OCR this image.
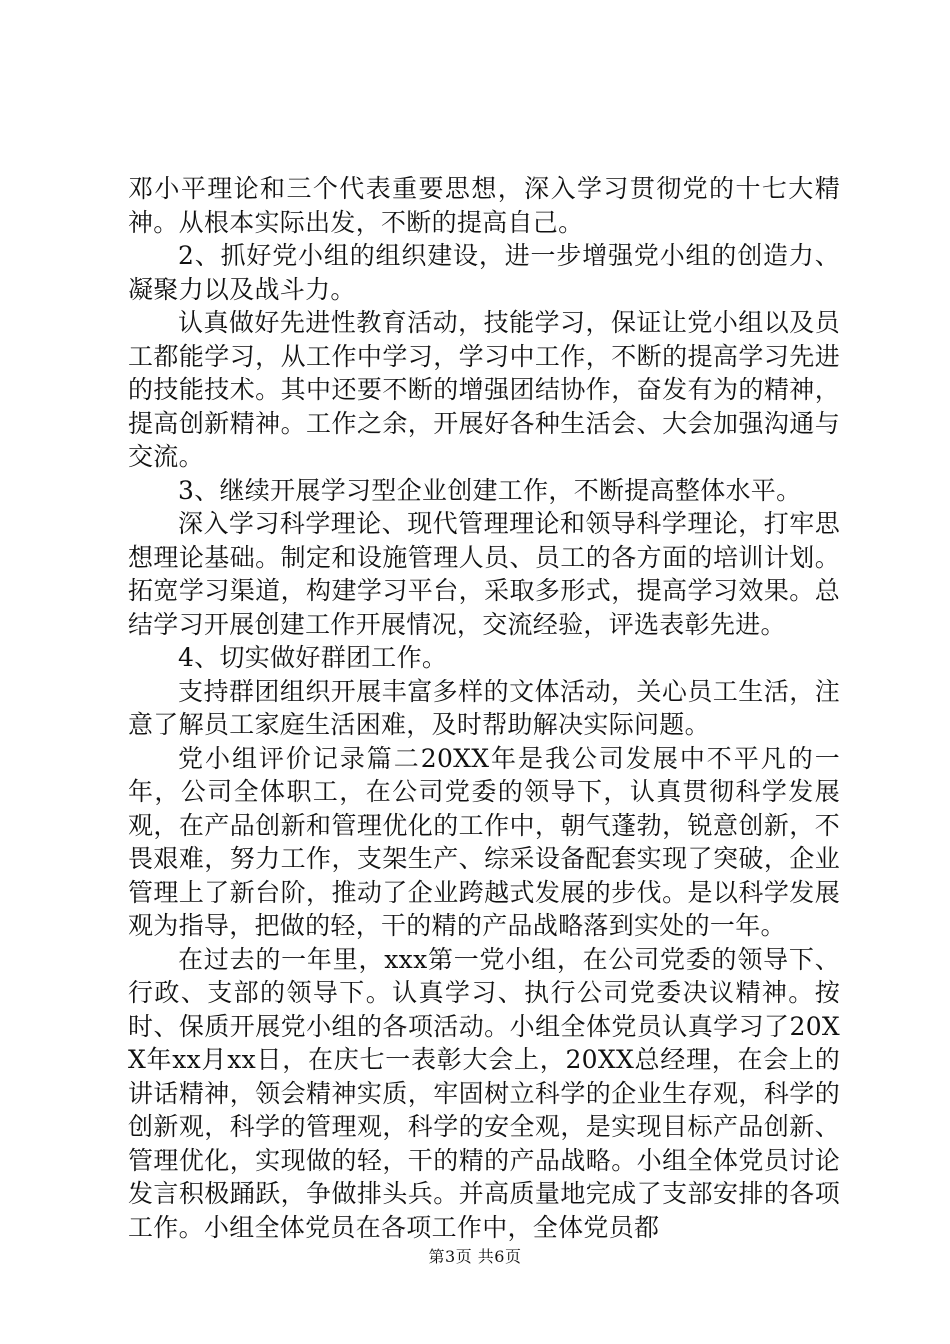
邓小平理论和三个代表重要思想，深入学习贯彻党的十七大精神。从根本实际出发，不断的提高自己。

2、抓好党小组的组织建设，进一步增强党小组的创造力、凝聚力以及战斗力。

认真做好先进性教育活动，技能学习，保证让党小组以及员工都能学习，从工作中学习，学习中工作，不断的提高学习先进的技能技术。其中还要不断的增强团结协作，奋发有为的精神，提高创新精神。工作之余，开展好各种生活会、大会加强沟通与交流。

3、继续开展学习型企业创建工作，不断提高整体水平。

深入学习科学理论、现代管理理论和领导科学理论，打牢思想理论基础。制定和设施管理人员、员工的各方面的培训计划。拓宽学习渠道，构建学习平台，采取多形式，提高学习效果。总结学习开展创建工作开展情况，交流经验，评选表彰先进。

4、切实做好群团工作。

支持群团组织开展丰富多样的文体活动，关心员工生活，注意了解员工家庭生活困难，及时帮助解决实际问题。

党小组评价记录篇二20XX年是我公司发展中不平凡的一年，公司全体职工，在公司党委的领导下，认真贯彻科学发展观，在产品创新和管理优化的工作中，朝气蓬勃，锐意创新，不畏艰难，努力工作，支架生产、综采设备配套实现了突破，企业管理上了新台阶，推动了企业跨越式发展的步伐。是以科学发展观为指导，把做的轻，干的精的产品战略落到实处的一年。

在过去的一年里，xxx第一党小组，在公司党委的领导下、行政、支部的领导下。认真学习、执行公司党委决议精神。按时、保质开展党小组的各项活动。小组全体党员认真学习了20XX年xx月xx日，在庆七一表彰大会上，20XX总经理，在会上的讲话精神，领会精神实质，牢固树立科学的企业生存观，科学的创新观，科学的管理观，科学的安全观，是实现目标产品创新、管理优化，实现做的轻，干的精的产品战略。小组全体党员讨论发言积极踊跃，争做排头兵。并高质量地完成了支部安排的各项工作。小组全体党员在各项工作中，全体党员都

第3页 共6页
